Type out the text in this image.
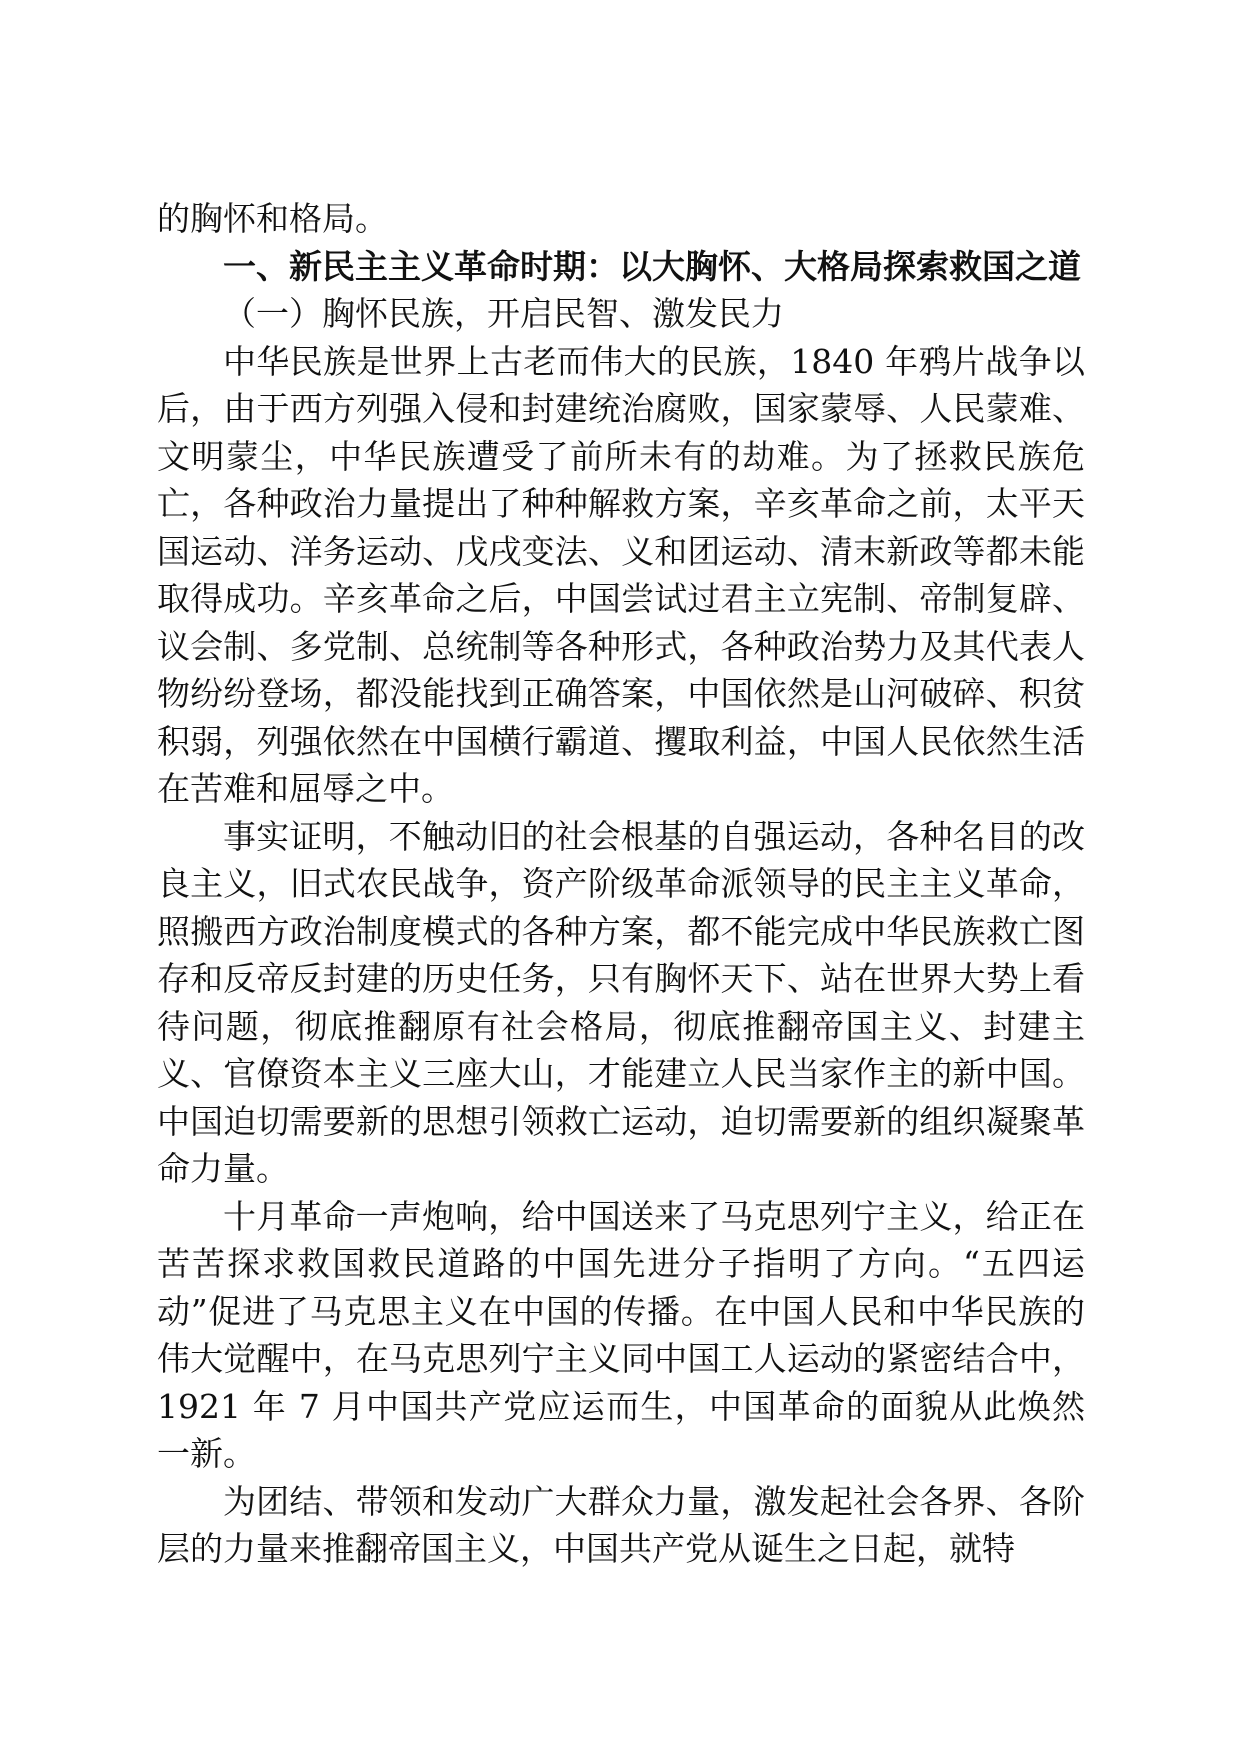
的胸怀和格局。

一、新民主主义革命时期：以大胸怀、大格局探索救国之道

（一）胸怀民族，开启民智、激发民力

中华民族是世界上古老而伟大的民族，1840 年鸦片战争以后，由于西方列强入侵和封建统治腐败，国家蒙辱、人民蒙难、文明蒙尘，中华民族遭受了前所未有的劫难。为了拯救民族危亡，各种政治力量提出了种种解救方案，辛亥革命之前，太平天国运动、洋务运动、戊戌变法、义和团运动、清末新政等都未能取得成功。辛亥革命之后，中国尝试过君主立宪制、帝制复辟、议会制、多党制、总统制等各种形式，各种政治势力及其代表人物纷纷登场，都没能找到正确答案，中国依然是山河破碎、积贫积弱，列强依然在中国横行霸道、攫取利益，中国人民依然生活在苦难和屈辱之中。

事实证明，不触动旧的社会根基的自强运动，各种名目的改良主义，旧式农民战争，资产阶级革命派领导的民主主义革命，照搬西方政治制度模式的各种方案，都不能完成中华民族救亡图存和反帝反封建的历史任务，只有胸怀天下、站在世界大势上看待问题，彻底推翻原有社会格局，彻底推翻帝国主义、封建主义、官僚资本主义三座大山，才能建立人民当家作主的新中国。中国迫切需要新的思想引领救亡运动，迫切需要新的组织凝聚革命力量。

十月革命一声炮响，给中国送来了马克思列宁主义，给正在苦苦探求救国救民道路的中国先进分子指明了方向。“五四运动”促进了马克思主义在中国的传播。在中国人民和中华民族的伟大觉醒中，在马克思列宁主义同中国工人运动的紧密结合中，1921 年 7 月中国共产党应运而生，中国革命的面貌从此焕然一新。

为团结、带领和发动广大群众力量，激发起社会各界、各阶层的力量来推翻帝国主义，中国共产党从诞生之日起，就特
